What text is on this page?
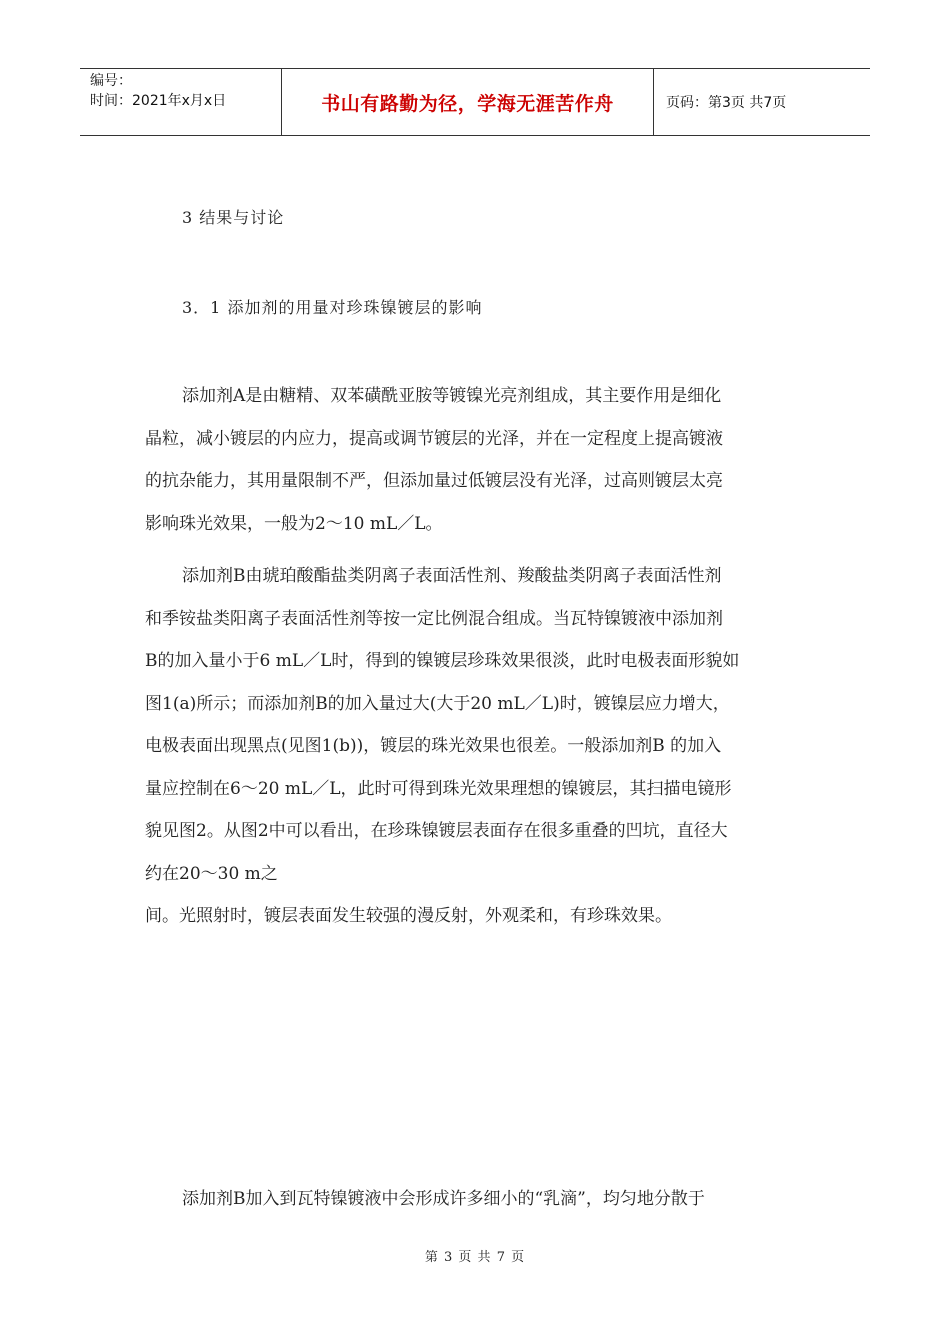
编号：
时间：2021年x月x日	书山有路勤为径，学海无涯苦作舟	页码：第3页 共7页
3 结果与讨论
3．1 添加剂的用量对珍珠镍镀层的影响
添加剂A是由糖精、双苯磺酰亚胺等镀镍光亮剂组成，其主要作用是细化
晶粒，减小镀层的内应力，提高或调节镀层的光泽，并在一定程度上提高镀液
的抗杂能力，其用量限制不严，但添加量过低镀层没有光泽，过高则镀层太亮
影响珠光效果，一般为2～10 mL／L。
添加剂B由琥珀酸酯盐类阴离子表面活性剂、羧酸盐类阴离子表面活性剂
和季铵盐类阳离子表面活性剂等按一定比例混合组成。当瓦特镍镀液中添加剂
B的加入量小于6 mL／L时，得到的镍镀层珍珠效果很淡，此时电极表面形貌如
图1(a)所示；而添加剂B的加入量过大(大于20 mL／L)时，镀镍层应力增大，
电极表面出现黑点(见图1(b))，镀层的珠光效果也很差。一般添加剂B 的加入
量应控制在6～20 mL／L，此时可得到珠光效果理想的镍镀层，其扫描电镜形
貌见图2。从图2中可以看出，在珍珠镍镀层表面存在很多重叠的凹坑，直径大
约在20～30 m之
间。光照射时，镀层表面发生较强的漫反射，外观柔和，有珍珠效果。
添加剂B加入到瓦特镍镀液中会形成许多细小的“乳滴”，均匀地分散于
第 3 页 共 7 页
